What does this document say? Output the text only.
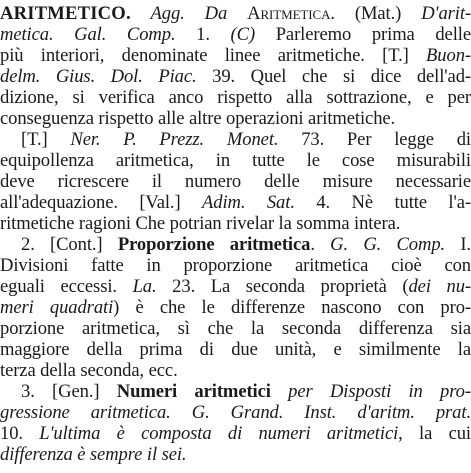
ARITMETICO. Agg. Da Aritmetica. (Mat.) D'arit-
metica. Gal. Comp. 1. (C) Parleremo prima delle
più interiori, denominate linee aritmetiche. [T.] Buon-
delm. Gius. Dol. Piac. 39. Quel che si dice dell'ad-
dizione, si verifica anco rispetto alla sottrazione, e per
conseguenza rispetto alle altre operazioni aritmetiche.
[T.] Ner. P. Prezz. Monet. 73. Per legge di
equipollenza aritmetica, in tutte le cose misurabili
deve ricrescere il numero delle misure necessarie
all'adequazione. [Val.] Adim. Sat. 4. Nè tutte l'a-
ritmetiche ragioni Che potrian rivelar la somma intera.
2. [Cont.] Proporzione aritmetica. G. G. Comp. I.
Divisioni fatte in proporzione aritmetica cioè con
eguali eccessi. La. 23. La seconda proprietà (dei nu-
meri quadrati) è che le differenze nascono con pro-
porzione aritmetica, sì che la seconda differenza sia
maggiore della prima di due unità, e similmente la
terza della seconda, ecc.
3. [Gen.] Numeri aritmetici per Disposti in pro-
gressione aritmetica. G. Grand. Inst. d'aritm. prat.
10. L'ultima è composta di numeri aritmetici, la cui
differenza è sempre il sei.
